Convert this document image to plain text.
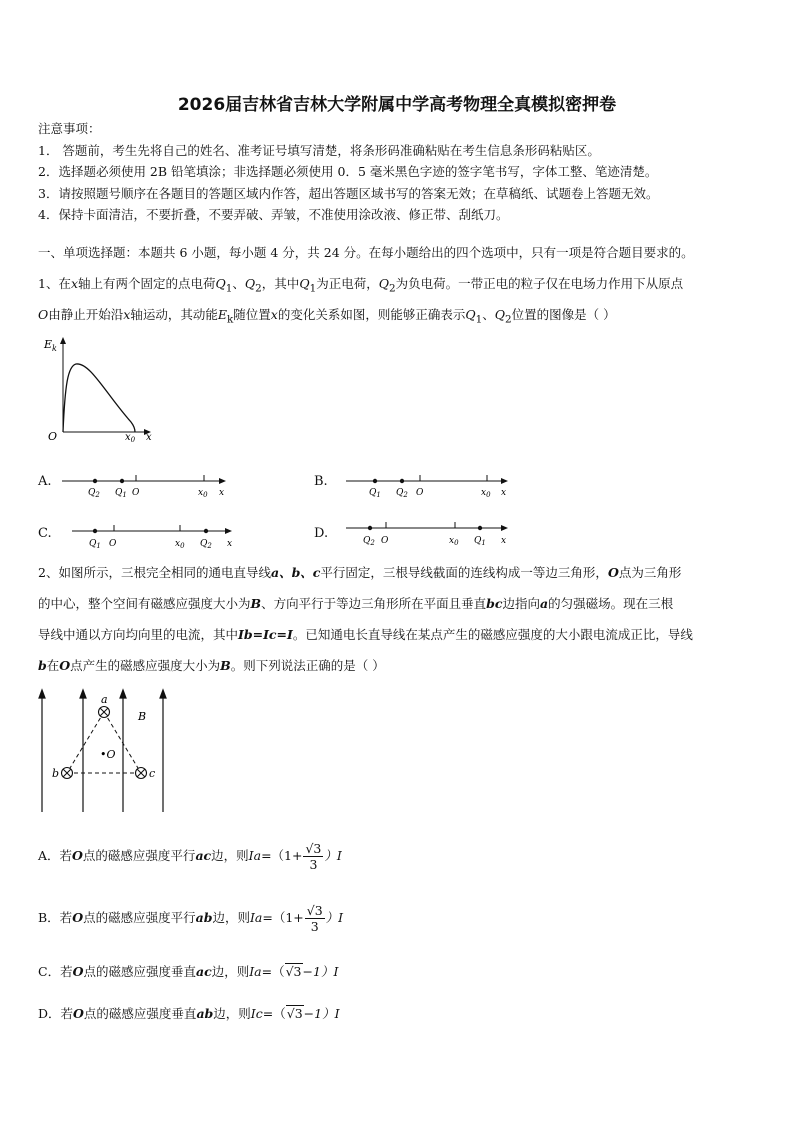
2026届吉林省吉林大学附属中学高考物理全真模拟密押卷
注意事项：
1． 答题前，考生先将自己的姓名、准考证号填写清楚，将条形码准确粘贴在考生信息条形码粘贴区。
2．选择题必须使用 2B 铅笔填涂；非选择题必须使用 0．5 毫米黑色字迹的签字笔书写，字体工整、笔迹清楚。
3．请按照题号顺序在各题目的答题区域内作答，超出答题区域书写的答案无效；在草稿纸、试题卷上答题无效。
4．保持卡面清洁，不要折叠，不要弄破、弄皱，不准使用涂改液、修正带、刮纸刀。
一、单项选择题：本题共 6 小题，每小题 4 分，共 24 分。在每小题给出的四个选项中，只有一项是符合题目要求的。
1、在x轴上有两个固定的点电荷$Q_1$、$Q_2$，其中$Q_1$为正电荷，$Q_2$为负电荷。一带正电的粒子仅在电场力作用下从原点
O由静止开始沿x轴运动，其动能$E_k$随位置x的变化关系如图，则能够正确表示$Q_1$、$Q_2$位置的图像是（ ）
$E_k$
O	$x_0$ x
A.
$Q_2$ $Q_1$ O	$x_0$ x
B.
$Q_1$ $Q_2$ O	$x_0$ x
C.
$Q_1$ O	$x_0$ $Q_2$ x
D.	$Q_2$ O	$x_0$ $Q_1$ x
2、如图所示，三根完全相同的通电直导线a、b、c平行固定，三根导线截面的连线构成一等边三角形，O点为三角形
的中心，整个空间有磁感应强度大小为B、方向平行于等边三角形所在平面且垂直bc边指向a的匀强磁场。现在三根
导线中通以方向均向里的电流，其中Ib=Ic=I。已知通电长直导线在某点产生的磁感应强度的大小跟电流成正比，导线
b在O点产生的磁感应强度大小为B。则下列说法正确的是（ ）
a
b	c
•O
B
A．若O点的磁感应强度平行ac边，则$Ia=(1+ \frac{√3}{3} )I$
B．若O点的磁感应强度平行ab边，则$Ia=(1+ \frac{√3}{3} )I$
C．若O点的磁感应强度垂直ac边，则Ia=（√3−1）I
D．若O点的磁感应强度垂直ab边，则Ic=（√3−1）I
